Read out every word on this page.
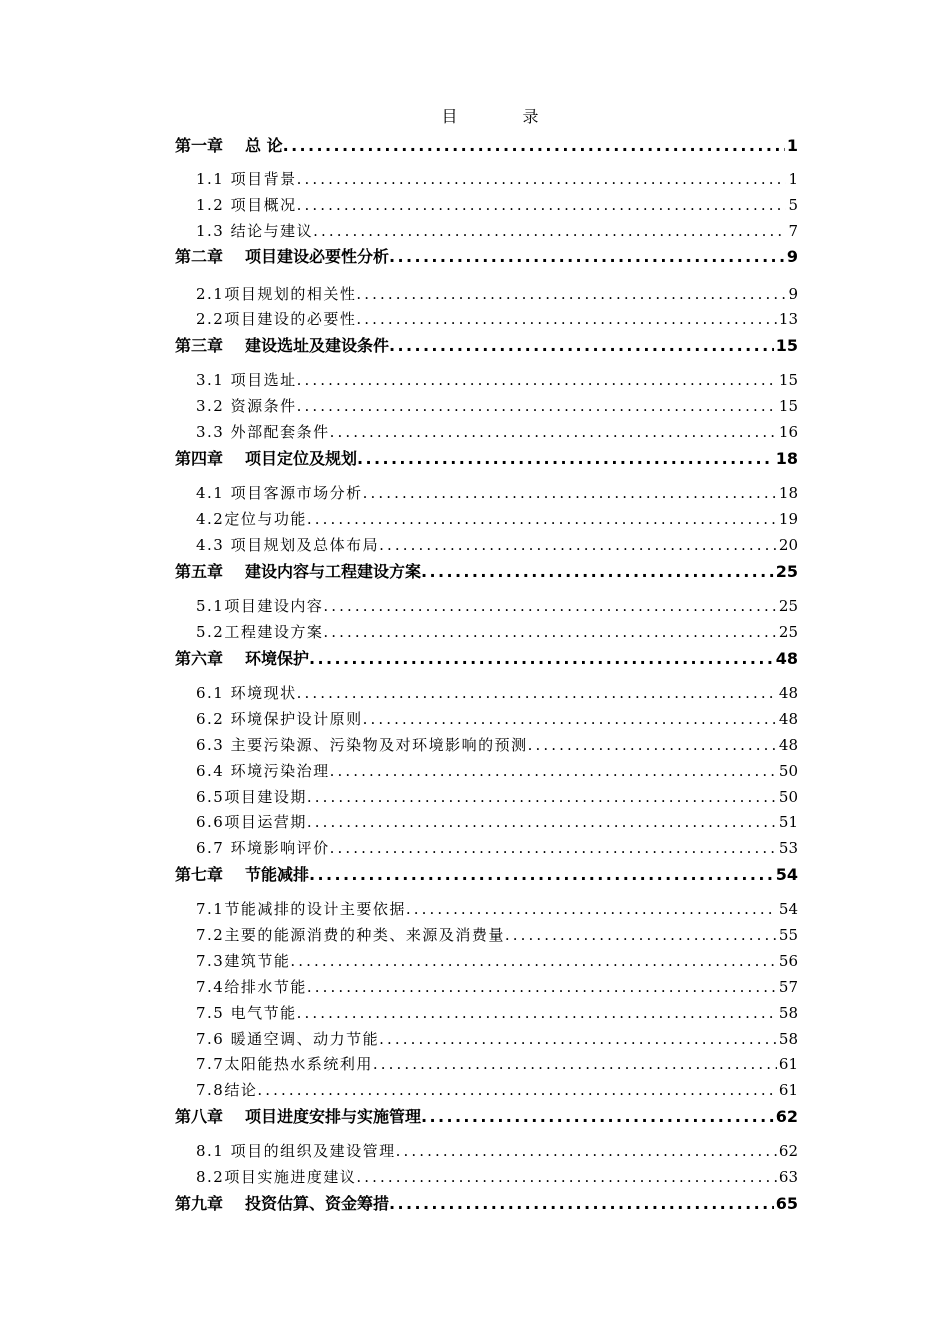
目 录
第一章 总 论 .....	1
1.1 项目背景 .....	1
1.2 项目概况 .....	5
1.3 结论与建议 .....	7
第二章 项目建设必要性分析 .....	9
2.1项目规划的相关性 .....	9
2.2项目建设的必要性 .....	13
第三章 建设选址及建设条件 .....	15
3.1 项目选址 .....	15
3.2 资源条件 .....	15
3.3 外部配套条件 .....	16
第四章 项目定位及规划 .....	18
4.1 项目客源市场分析 .....	18
4.2定位与功能 .....	19
4.3 项目规划及总体布局 .....	20
第五章 建设内容与工程建设方案 .....	25
5.1项目建设内容 .....	25
5.2工程建设方案 .....	25
第六章 环境保护 .....	48
6.1 环境现状 .....	48
6.2 环境保护设计原则 .....	48
6.3 主要污染源、污染物及对环境影响的预测 .....	48
6.4 环境污染治理 .....	50
6.5项目建设期 .....	50
6.6项目运营期 .....	51
6.7 环境影响评价 .....	53
第七章 节能减排 .....	54
7.1节能减排的设计主要依据 .....	54
7.2主要的能源消费的种类、来源及消费量 .....	55
7.3建筑节能 .....	56
7.4给排水节能 .....	57
7.5 电气节能 .....	58
7.6 暖通空调、动力节能 .....	58
7.7太阳能热水系统利用 .....	61
7.8结论 .....	61
第八章 项目进度安排与实施管理 .....	62
8.1 项目的组织及建设管理 .....	62
8.2项目实施进度建议 .....	63
第九章 投资估算、资金筹措 .....	65
